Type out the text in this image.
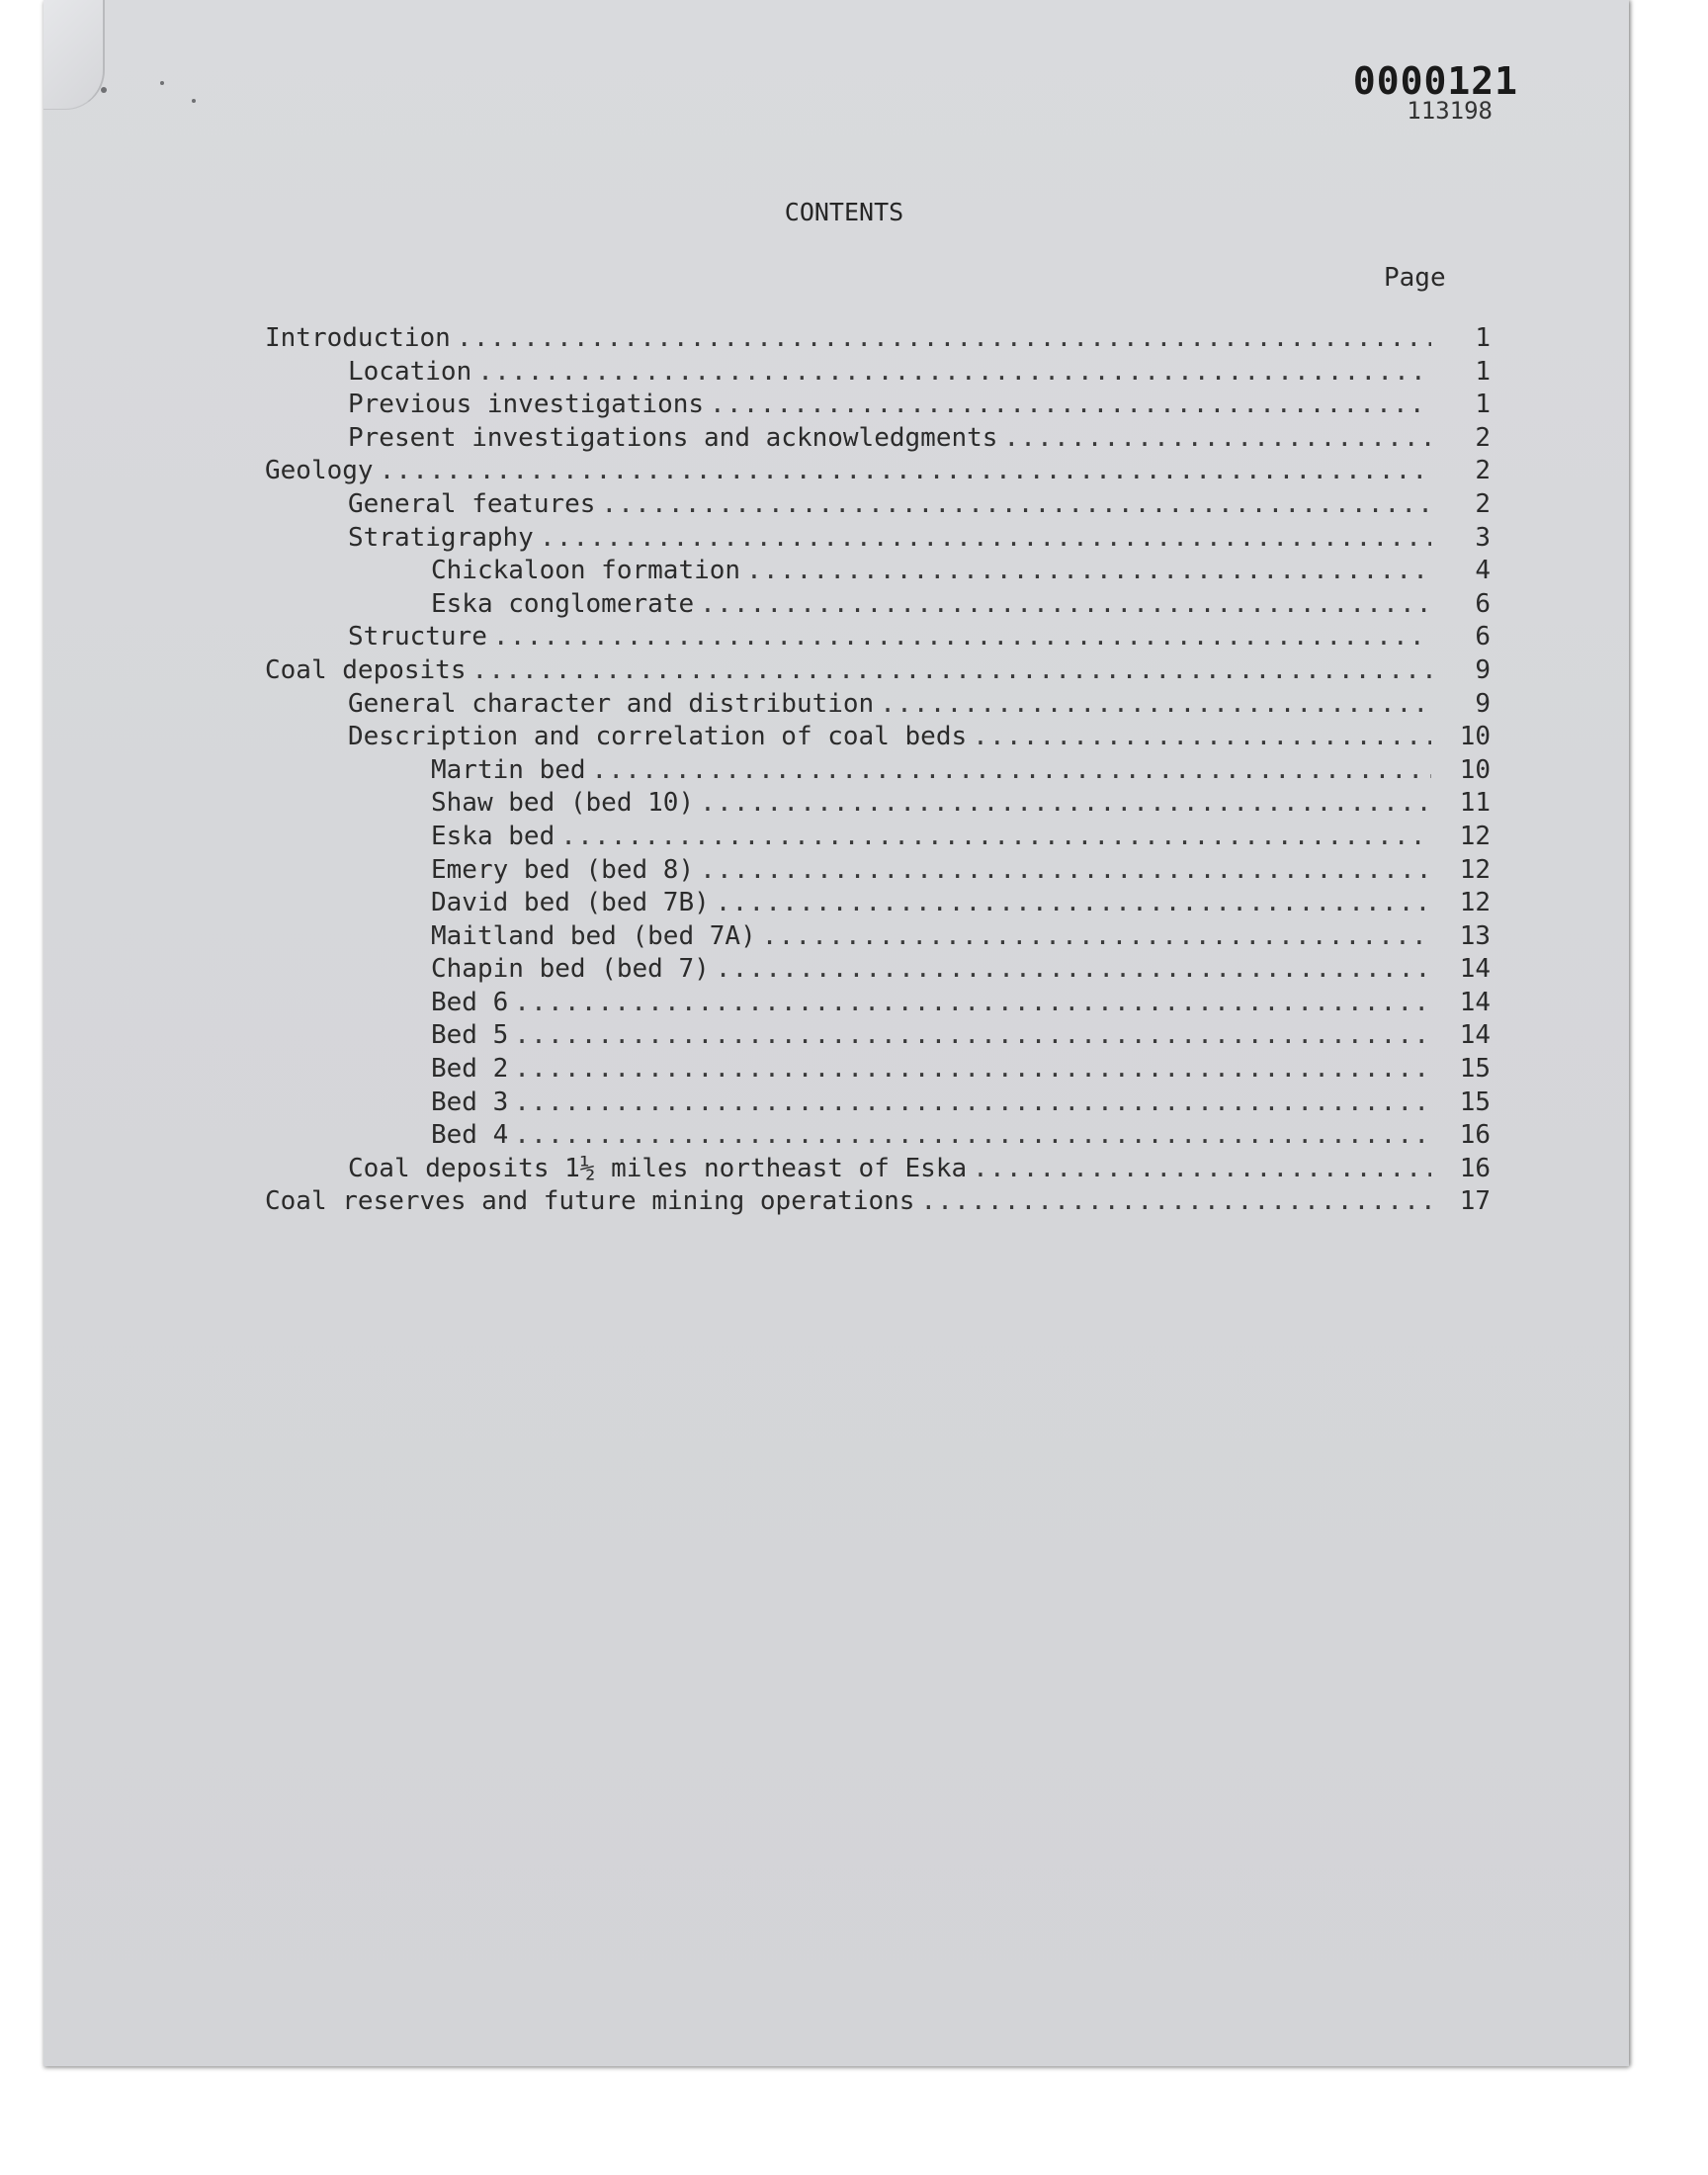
0000121
113198
CONTENTS
Page
Introduction .....	1
Location .....	1
Previous investigations .....	1
Present investigations and acknowledgments .....	2
Geology .....	2
General features .....	2
Stratigraphy .....	3
Chickaloon formation .....	4
Eska conglomerate .....	6
Structure .....	6
Coal deposits .....	9
General character and distribution .....	9
Description and correlation of coal beds .....	10
Martin bed .....	10
Shaw bed (bed 10) .....	11
Eska bed .....	12
Emery bed (bed 8) .....	12
David bed (bed 7B) .....	12
Maitland bed (bed 7A) .....	13
Chapin bed (bed 7) .....	14
Bed 6 .....	14
Bed 5 .....	14
Bed 2 .....	15
Bed 3 .....	15
Bed 4 .....	16
Coal deposits 1½ miles northeast of Eska .....	16
Coal reserves and future mining operations .....	17
